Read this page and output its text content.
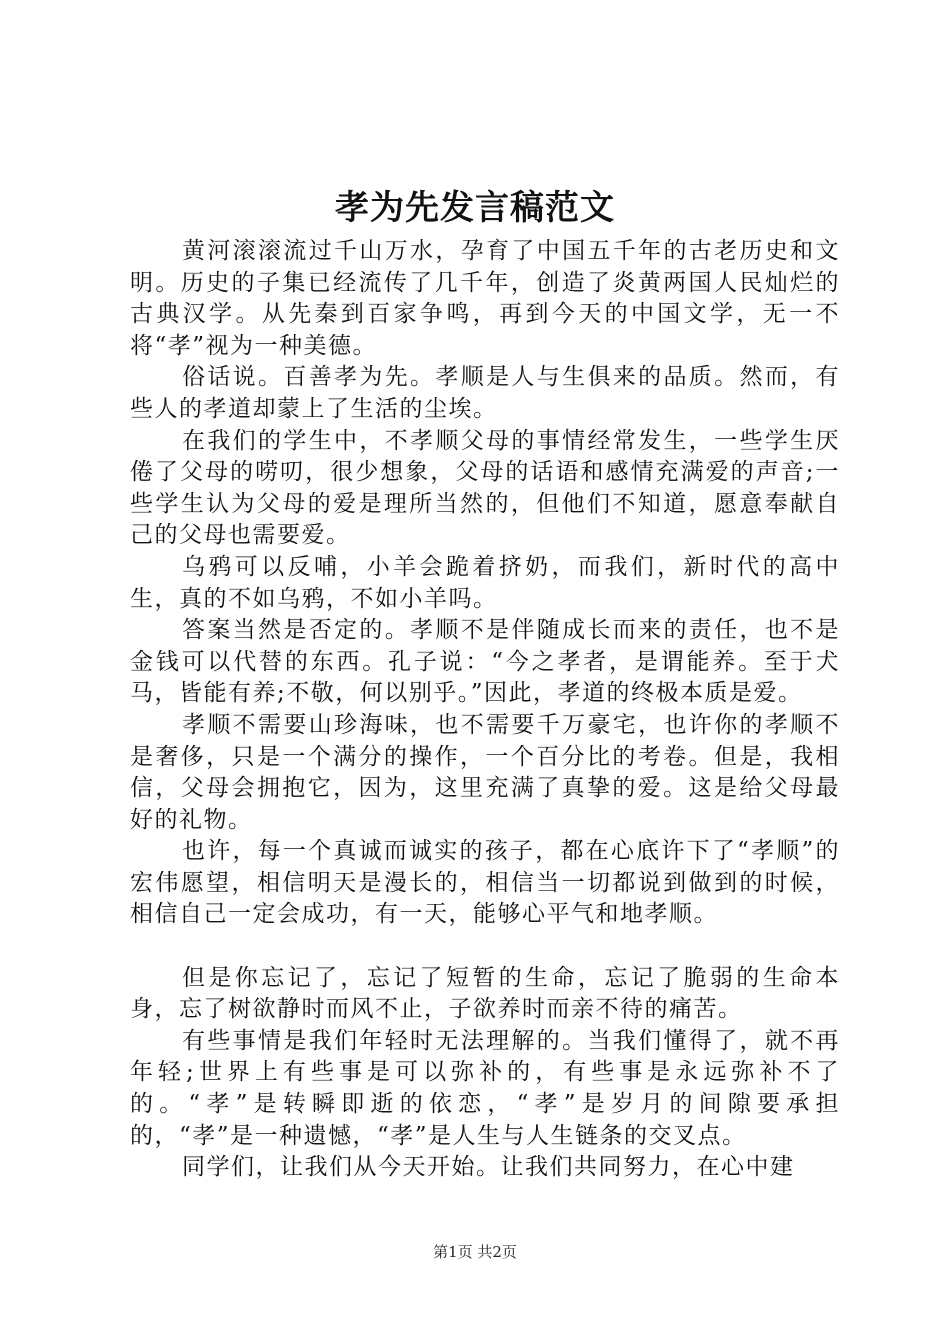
孝为先发言稿范文

黄河滚滚流过千山万水，孕育了中国五千年的古老历史和文明。历史的子集已经流传了几千年，创造了炎黄两国人民灿烂的古典汉学。从先秦到百家争鸣，再到今天的中国文学，无一不将“孝”视为一种美德。

俗话说。百善孝为先。孝顺是人与生俱来的品质。然而，有些人的孝道却蒙上了生活的尘埃。

在我们的学生中，不孝顺父母的事情经常发生，一些学生厌倦了父母的唠叨，很少想象，父母的话语和感情充满爱的声音;一些学生认为父母的爱是理所当然的，但他们不知道，愿意奉献自己的父母也需要爱。

乌鸦可以反哺，小羊会跪着挤奶，而我们，新时代的高中生，真的不如乌鸦，不如小羊吗。

答案当然是否定的。孝顺不是伴随成长而来的责任，也不是金钱可以代替的东西。孔子说：“今之孝者，是谓能养。至于犬马，皆能有养;不敬，何以别乎。”因此，孝道的终极本质是爱。

孝顺不需要山珍海味，也不需要千万豪宅，也许你的孝顺不是奢侈，只是一个满分的操作，一个百分比的考卷。但是，我相信，父母会拥抱它，因为，这里充满了真挚的爱。这是给父母最好的礼物。

也许，每一个真诚而诚实的孩子，都在心底许下了“孝顺”的宏伟愿望，相信明天是漫长的，相信当一切都说到做到的时候，相信自己一定会成功，有一天，能够心平气和地孝顺。

但是你忘记了，忘记了短暂的生命，忘记了脆弱的生命本身，忘了树欲静时而风不止，子欲养时而亲不待的痛苦。

有些事情是我们年轻时无法理解的。当我们懂得了，就不再年轻;世界上有些事是可以弥补的，有些事是永远弥补不了的。“孝”是转瞬即逝的依恋，“孝”是岁月的间隙要承担的，“孝”是一种遗憾，“孝”是人生与人生链条的交叉点。

同学们，让我们从今天开始。让我们共同努力，在心中建

第1页 共2页
